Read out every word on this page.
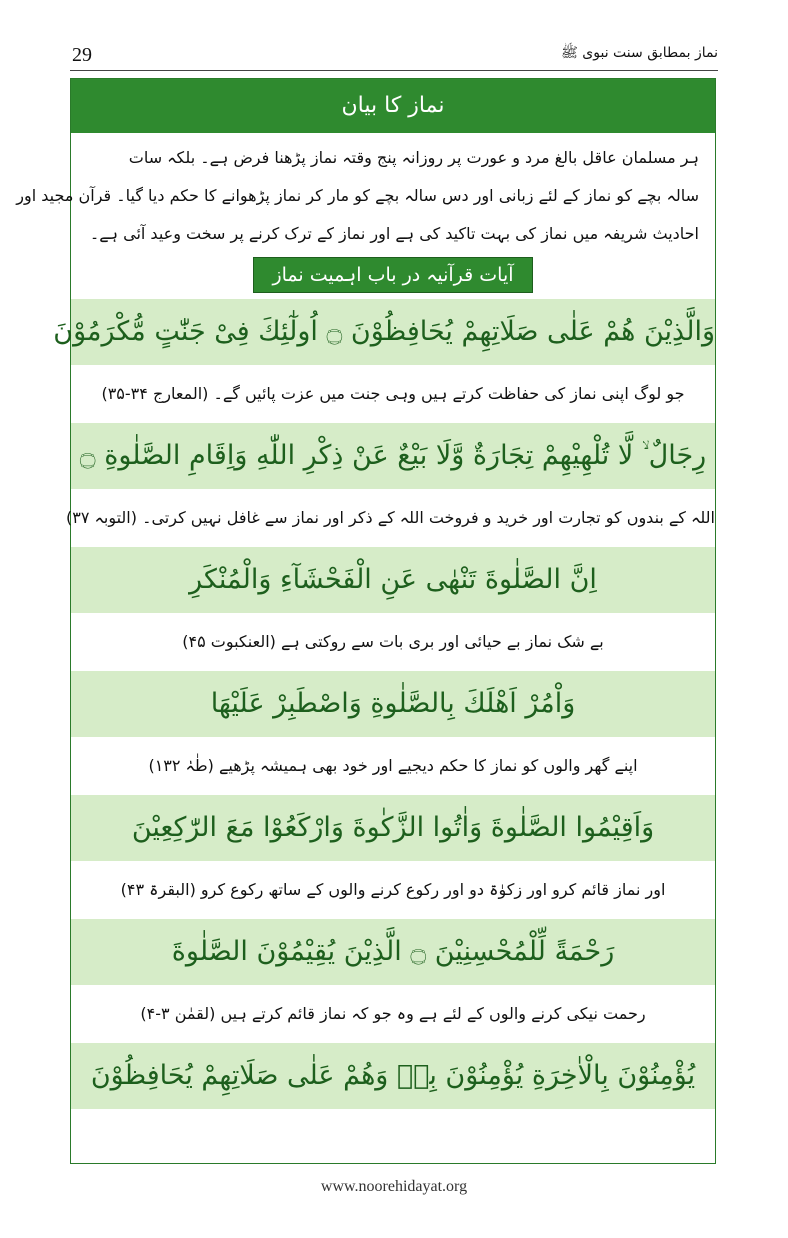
29	نماز بمطابق سنت نبوی ﷺ
نماز کا بیان
ہر مسلمان عاقل بالغ مرد و عورت پر روزانہ پنج وقتہ نماز پڑھنا فرض ہے۔ بلکہ سات
سالہ بچے کو نماز کے لئے زبانی اور دس سالہ بچے کو مار کر نماز پڑھوانے کا حکم دیا گیا۔ قرآن مجید اور
احادیث شریفہ میں نماز کی بہت تاکید کی ہے اور نماز کے ترک کرنے پر سخت وعید آئی ہے۔
آیات قرآنیہ در باب اہمیت نماز
وَالَّذِيْنَ هُمْ عَلٰى صَلَاتِهِمْ يُحَافِظُوْنَ ۝ اُولٰٓئِكَ فِىْ جَنّٰتٍ مُّكْرَمُوْنَ
جو لوگ اپنی نماز کی حفاظت کرتے ہیں وہی جنت میں عزت پائیں گے۔ (المعارج ۳۴-۳۵)
رِجَالٌ ۙ لَّا تُلْهِيْهِمْ تِجَارَةٌ وَّلَا بَيْعٌ عَنْ ذِكْرِ اللّٰهِ وَاِقَامِ الصَّلٰوةِ ۝
اللہ کے بندوں کو تجارت اور خرید و فروخت اللہ کے ذکر اور نماز سے غافل نہیں کرتی۔ (التوبہ ۳۷)
اِنَّ الصَّلٰوةَ تَنْهٰى عَنِ الْفَحْشَآءِ وَالْمُنْكَرِ
بے شک نماز بے حیائی اور بری بات سے روکتی ہے (العنکبوت ۴۵)
وَاْمُرْ اَهْلَكَ بِالصَّلٰوةِ وَاصْطَبِرْ عَلَيْهَا
اپنے گھر والوں کو نماز کا حکم دیجیے اور خود بھی ہمیشہ پڑھیے (طٰہٰ ۱۳۲)
وَاَقِيْمُوا الصَّلٰوةَ وَاٰتُوا الزَّكٰوةَ وَارْكَعُوْا مَعَ الرّٰكِعِيْنَ
اور نماز قائم کرو اور زکوٰۃ دو اور رکوع کرنے والوں کے ساتھ رکوع کرو (البقرۃ ۴۳)
رَحْمَةً لِّلْمُحْسِنِيْنَ ۝ الَّذِيْنَ يُقِيْمُوْنَ الصَّلٰوةَ
رحمت نیکی کرنے والوں کے لئے ہے وہ جو کہ نماز قائم کرتے ہیں (لقمٰن ۳-۴)
يُؤْمِنُوْنَ بِالْاٰخِرَةِ يُؤْمِنُوْنَ بِهٖ وَهُمْ عَلٰى صَلَاتِهِمْ يُحَافِظُوْنَ
www.noorehidayat.org
